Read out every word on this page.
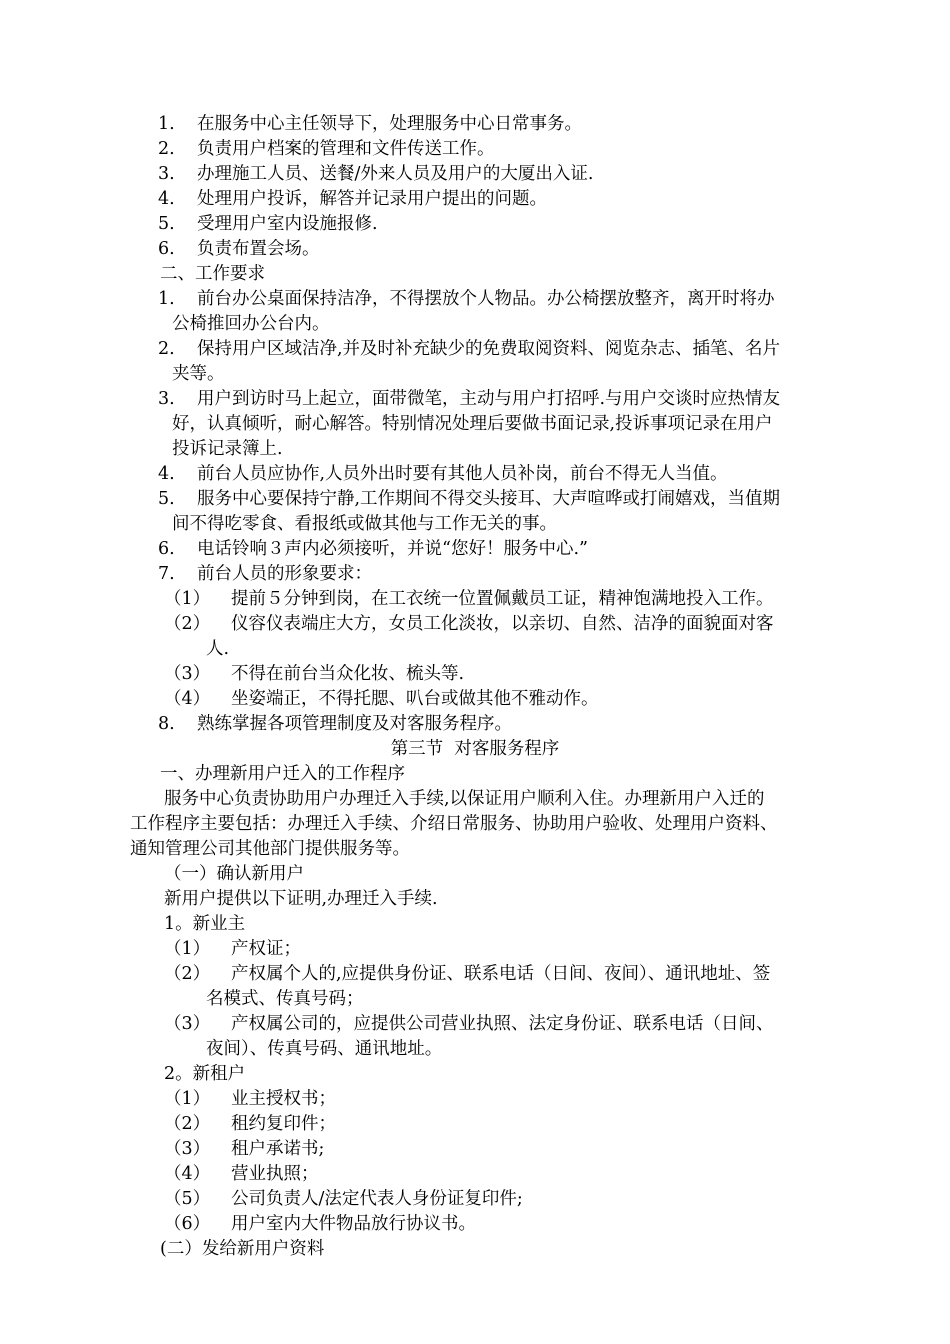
1. 在服务中心主任领导下，处理服务中心日常事务。
2. 负责用户档案的管理和文件传送工作。
3. 办理施工人员、送餐/外来人员及用户的大厦出入证.
4. 处理用户投诉，解答并记录用户提出的问题。
5. 受理用户室内设施报修.
6. 负责布置会场。
二、工作要求
1. 前台办公桌面保持洁净，不得摆放个人物品。办公椅摆放整齐，离开时将办
公椅推回办公台内。
2. 保持用户区域洁净,并及时补充缺少的免费取阅资料、阅览杂志、插笔、名片
夹等。
3. 用户到访时马上起立，面带微笔，主动与用户打招呼.与用户交谈时应热情友
好，认真倾听，耐心解答。特别情况处理后要做书面记录,投诉事项记录在用户
投诉记录簿上.
4. 前台人员应协作,人员外出时要有其他人员补岗，前台不得无人当值。
5. 服务中心要保持宁静,工作期间不得交头接耳、大声喧哗或打闹嬉戏，当值期
间不得吃零食、看报纸或做其他与工作无关的事。
6. 电话铃响３声内必须接听，并说“您好！服务中心.”
7. 前台人员的形象要求：
（1） 提前５分钟到岗，在工衣统一位置佩戴员工证，精神饱满地投入工作。
（2） 仪容仪表端庄大方，女员工化淡妆，以亲切、自然、洁净的面貌面对客
人.
（3） 不得在前台当众化妆、梳头等.
（4） 坐姿端正，不得托腮、叭台或做其他不雅动作。
8. 熟练掌握各项管理制度及对客服务程序。
第三节  对客服务程序
一、办理新用户迁入的工作程序
服务中心负责协助用户办理迁入手续,以保证用户顺利入住。办理新用户入迁的
工作程序主要包括：办理迁入手续、介绍日常服务、协助用户验收、处理用户资料、
通知管理公司其他部门提供服务等。
（一）确认新用户
新用户提供以下证明,办理迁入手续.
1。新业主
（1） 产权证；
（2） 产权属个人的,应提供身份证、联系电话（日间、夜间）、通讯地址、签
名模式、传真号码；
（3） 产权属公司的，应提供公司营业执照、法定身份证、联系电话（日间、
夜间）、传真号码、通讯地址。
2。新租户
（1） 业主授权书；
（2） 租约复印件；
（3） 租户承诺书;
（4） 营业执照；
（5） 公司负责人/法定代表人身份证复印件;
（6） 用户室内大件物品放行协议书。
(二）发给新用户资料
